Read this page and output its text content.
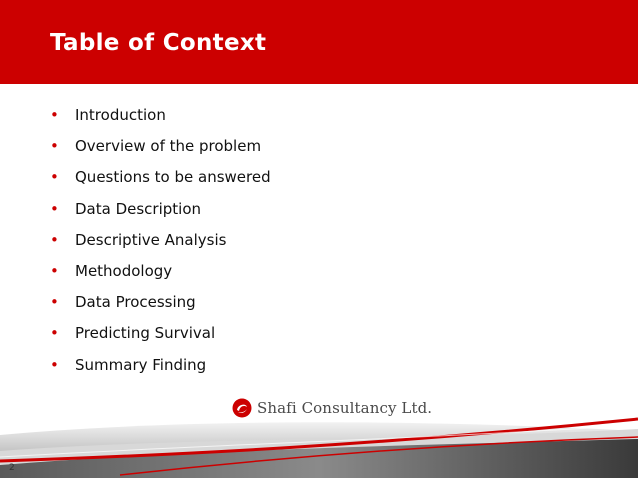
Table of Context
•	Introduction
•	Overview of the problem
•	Questions to be answered
•	Data Description
•	Descriptive Analysis
•	Methodology
•	Data Processing
•	Predicting Survival
•	Summary Finding
Shafi Consultancy Ltd.
2
